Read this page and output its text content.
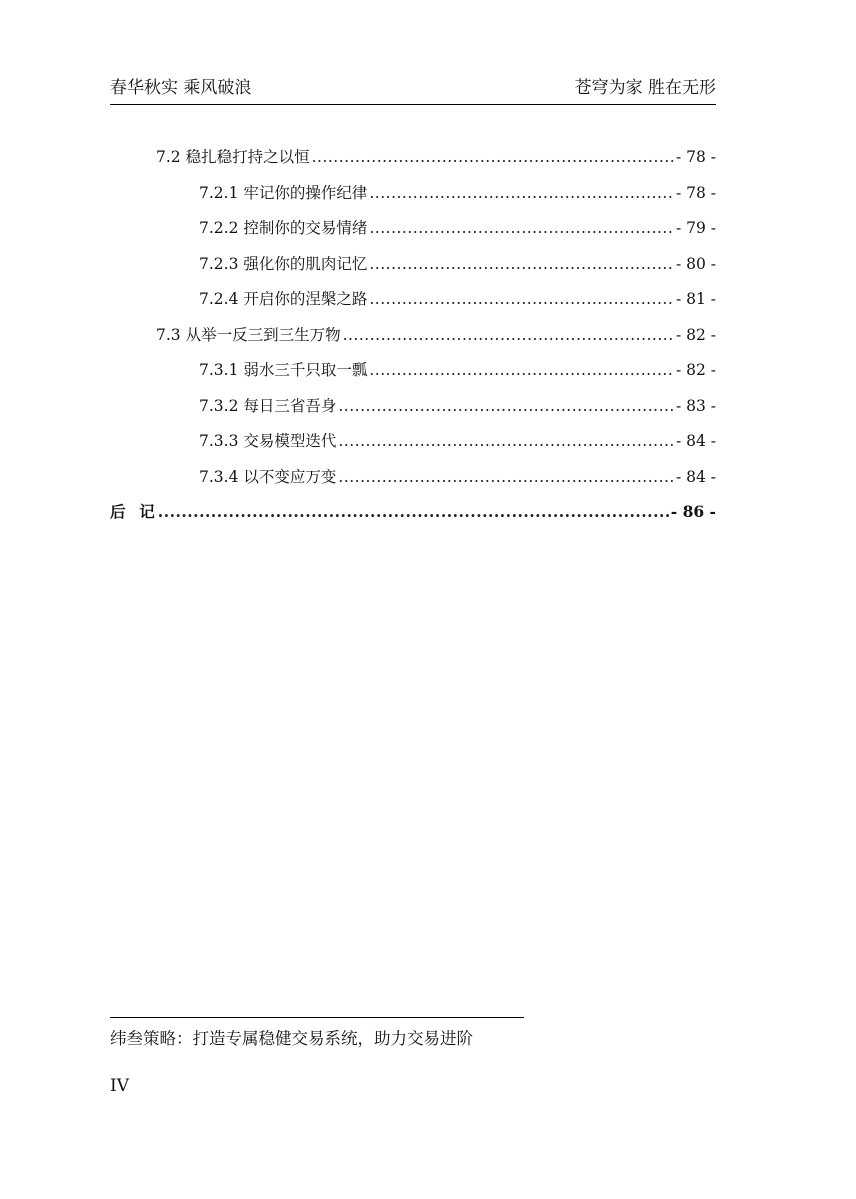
春华秋实 乘风破浪	苍穹为家 胜在无形
7.2 稳扎稳打持之以恒 .....	- 78 -
7.2.1 牢记你的操作纪律 .....	- 78 -
7.2.2 控制你的交易情绪 .....	- 79 -
7.2.3 强化你的肌肉记忆 .....	- 80 -
7.2.4 开启你的涅槃之路 .....	- 81 -
7.3 从举一反三到三生万物 .....	- 82 -
7.3.1 弱水三千只取一瓢 .....	- 82 -
7.3.2 每日三省吾身 .....	- 83 -
7.3.3 交易模型迭代 .....	- 84 -
7.3.4 以不变应万变 .....	- 84 -
后  记 .....	- 86 -
纬叁策略：打造专属稳健交易系统，助力交易进阶
IV
